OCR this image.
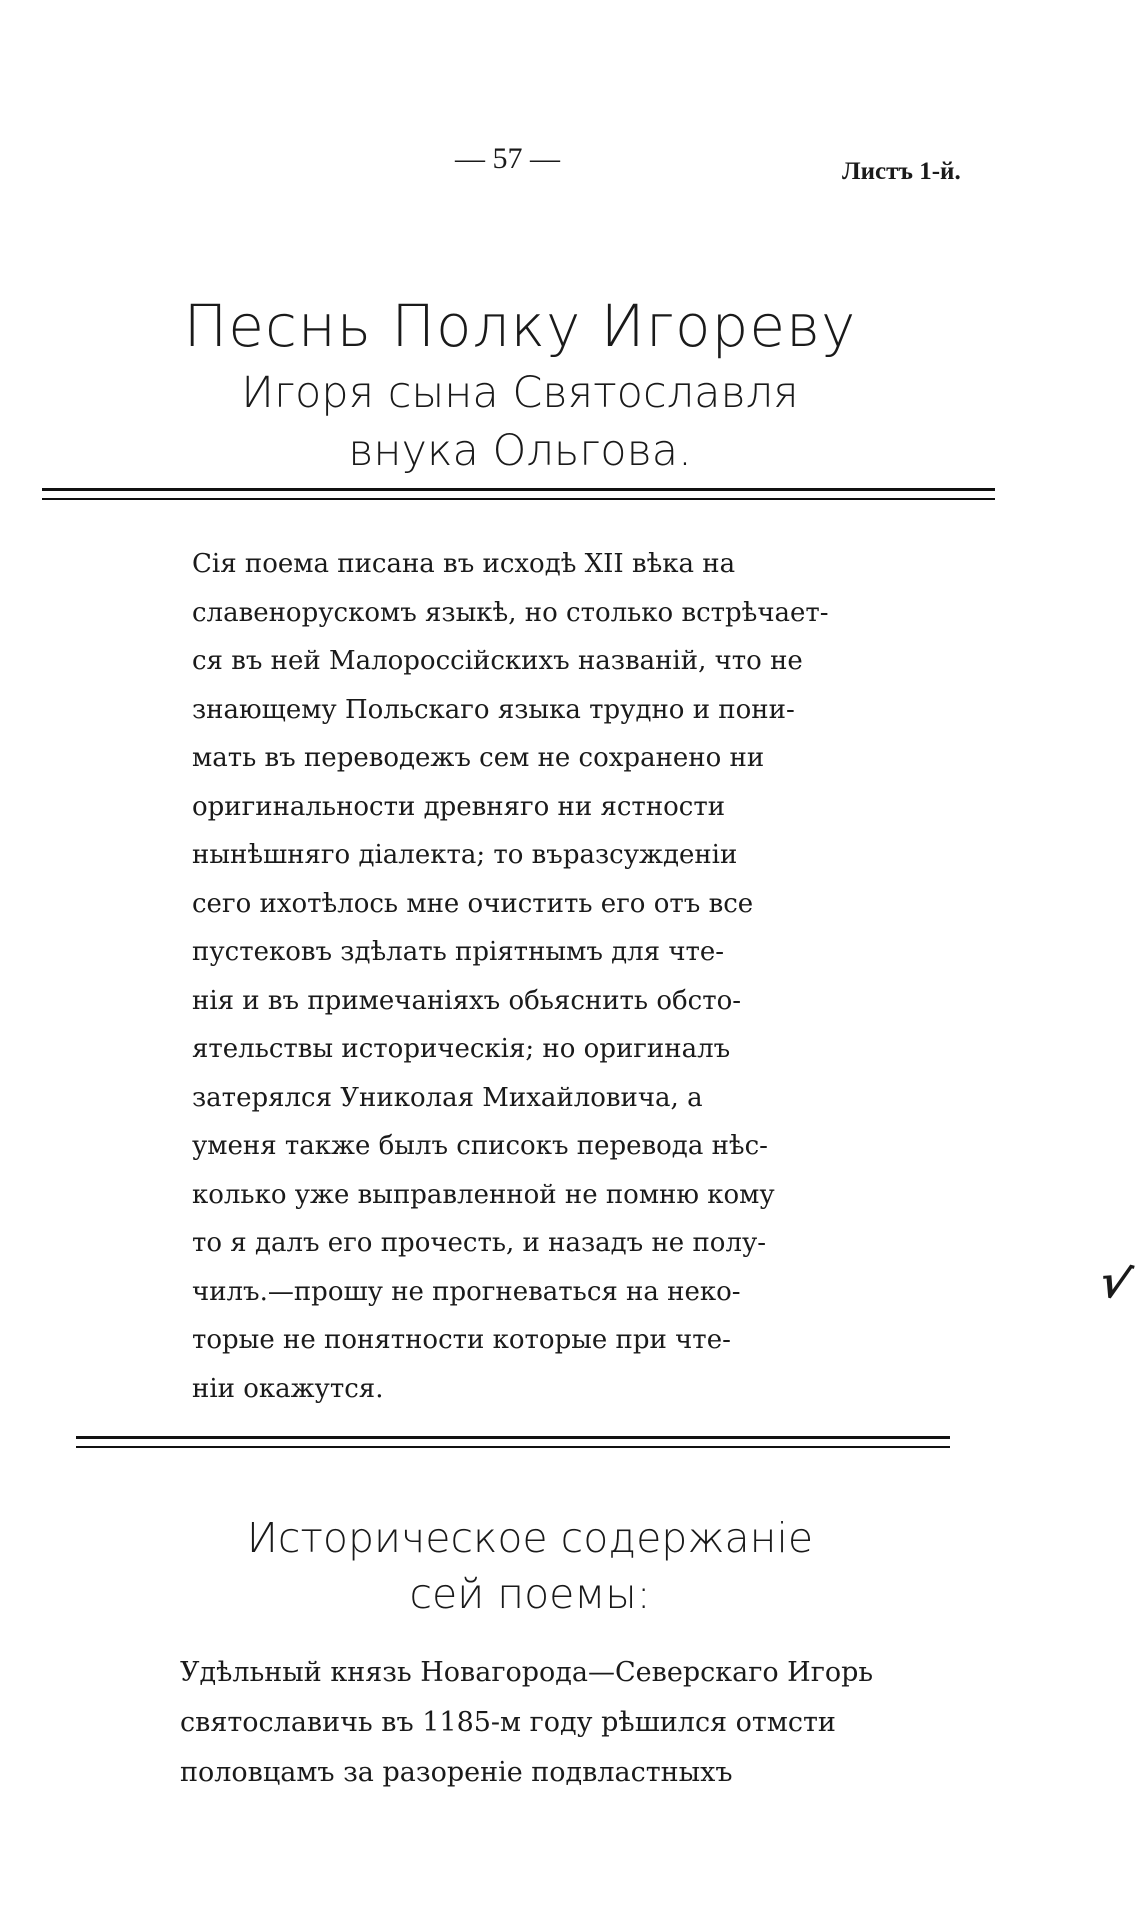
— 57 —	Листъ 1-й.
Песнь Полку Игореву
Игоря сына Святославля
внука Ольгова.
Сія поема писана въ исходѣ XII вѣка на
славенорускомъ языкѣ, но столько встрѣчает-
ся въ ней Малороссійскихъ названій, что не
знающему Польскаго языка трудно и пони-
мать въ переводежъ сем не сохранено ни
оригинальности древняго ни ястности
нынѣшняго діалекта; то въразсужденіи
сего ихотѣлось мне очистить его отъ все
пустековъ здѣлать пріятнымъ для чте-
нія и въ примечаніяхъ обьяснить обсто-
ятельствы историческія; но оригиналъ
затерялся Униколая Михайловича, а
уменя также былъ списокъ перевода нѣс-
колько уже выправленной не помню кому
то я далъ его прочесть, и назадъ не полу-
чилъ.—прошу не прогневаться на неко-
торые не понятности которые при чте-
ніи окажутся.
Историческое содержаніе
сей поемы:
Удѣльный князь Новагорода—Северскаго Игорь
святославичь въ 1185-м году рѣшился отмсти
половцамъ за разореніе подвластныхъ
√
